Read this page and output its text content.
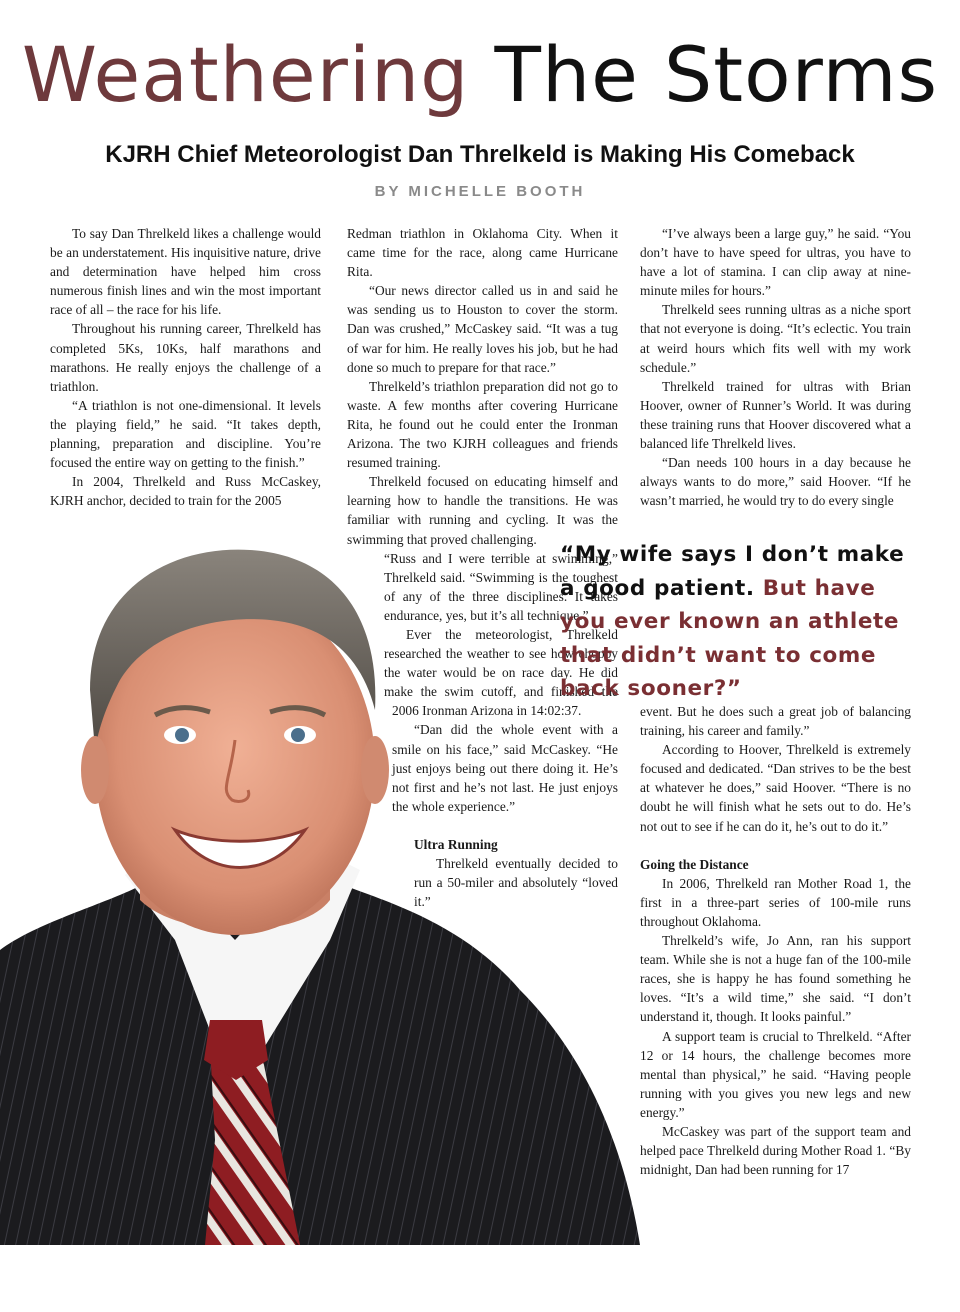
Weathering The Storms
KJRH Chief Meteorologist Dan Threlkeld is Making His Comeback
BY MICHELLE BOOTH

To say Dan Threlkeld likes a challenge would be an understatement. His inquisitive nature, drive and determination have helped him cross numerous finish lines and win the most important race of all – the race for his life.

Throughout his running career, Threlkeld has completed 5Ks, 10Ks, half marathons and marathons. He really enjoys the challenge of a triathlon.

“A triathlon is not one-dimensional. It levels the playing field,” he said. “It takes depth, planning, preparation and discipline. You’re focused the entire way on getting to the finish.”

In 2004, Threlkeld and Russ McCaskey, KJRH anchor, decided to train for the 2005

Redman triathlon in Oklahoma City. When it came time for the race, along came Hurricane Rita.

“Our news director called us in and said he was sending us to Houston to cover the storm. Dan was crushed,” McCaskey said. “It was a tug of war for him. He really loves his job, but he had done so much to prepare for that race.”

Threlkeld’s triathlon preparation did not go to waste. A few months after covering Hurricane Rita, he found out he could enter the Ironman Arizona. The two KJRH colleagues and friends resumed training.

Threlkeld focused on educating himself and learning how to handle the transitions. He was familiar with running and cycling. It was the swimming that proved challenging.

“Russ and I were terrible at swimming,” Threlkeld said. “Swimming is the toughest of any of the three disciplines. It takes endurance, yes, but it’s all technique.”

Ever the meteorologist, Threlkeld researched the weather to see how choppy the water would be on race day. He did make the swim cutoff, and finished the 2006 Ironman Arizona in 14:02:37.

“Dan did the whole event with a smile on his face,” said McCaskey. “He just enjoys being out there doing it. He’s not first and he’s not last. He just enjoys the whole experience.”

Ultra Running

Threlkeld eventually decided to run a 50-miler and absolutely “loved it.”

“I’ve always been a large guy,” he said. “You don’t have to have speed for ultras, you have to have a lot of stamina. I can clip away at nine-minute miles for hours.”

Threlkeld sees running ultras as a niche sport that not everyone is doing. “It’s eclectic. You train at weird hours which fits well with my work schedule.”

Threlkeld trained for ultras with Brian Hoover, owner of Runner’s World. It was during these training runs that Hoover discovered what a balanced life Threlkeld lives.

“Dan needs 100 hours in a day because he always wants to do more,” said Hoover. “If he wasn’t married, he would try to do every single

“My wife says I don’t make a good patient. But have you ever known an athlete that didn’t want to come back sooner?”

event. But he does such a great job of balancing training, his career and family.”

According to Hoover, Threlkeld is extremely focused and dedicated. “Dan strives to be the best at whatever he does,” said Hoover. “There is no doubt he will finish what he sets out to do. He’s not out to see if he can do it, he’s out to do it.”

Going the Distance

In 2006, Threlkeld ran Mother Road 1, the first in a three-part series of 100-mile runs throughout Oklahoma.

Threlkeld’s wife, Jo Ann, ran his support team. While she is not a huge fan of the 100-mile races, she is happy he has found something he loves. “It’s a wild time,” she said. “I don’t understand it, though. It looks painful.”

A support team is crucial to Threlkeld. “After 12 or 14 hours, the challenge becomes more mental than physical,” he said. “Having people running with you gives you new legs and new energy.”

McCaskey was part of the support team and helped pace Threlkeld during Mother Road 1. “By midnight, Dan had been running for 17
